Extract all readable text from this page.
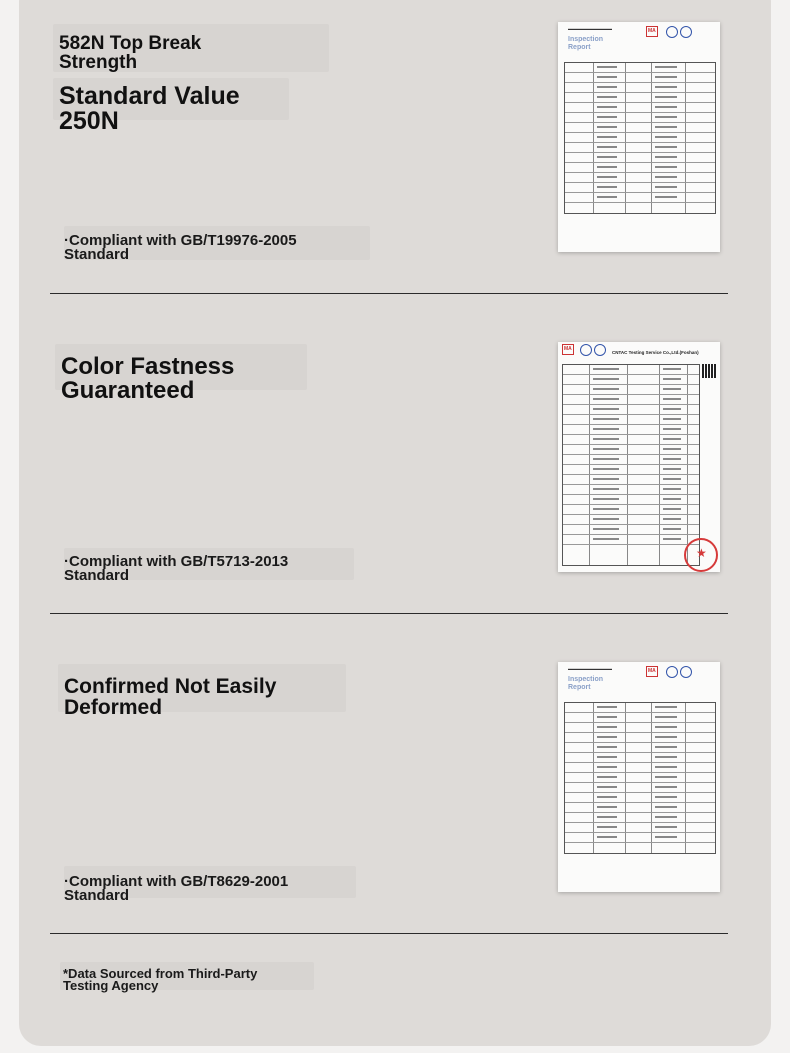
582N Top Break
Strength
Standard Value
250N
·Compliant with GB/T19976-2005
Standard
▬▬▬▬▬▬▬▬▬▬▬
Inspection
Report
MA
Color Fastness
Guaranteed
·Compliant with GB/T5713-2013
Standard
MA
CNTAC Testing Service Co.,Ltd.(Foshan)
★
Confirmed Not Easily
Deformed
·Compliant with GB/T8629-2001
Standard
▬▬▬▬▬▬▬▬▬▬▬
Inspection
Report
MA
*Data Sourced from Third-Party
Testing Agency
